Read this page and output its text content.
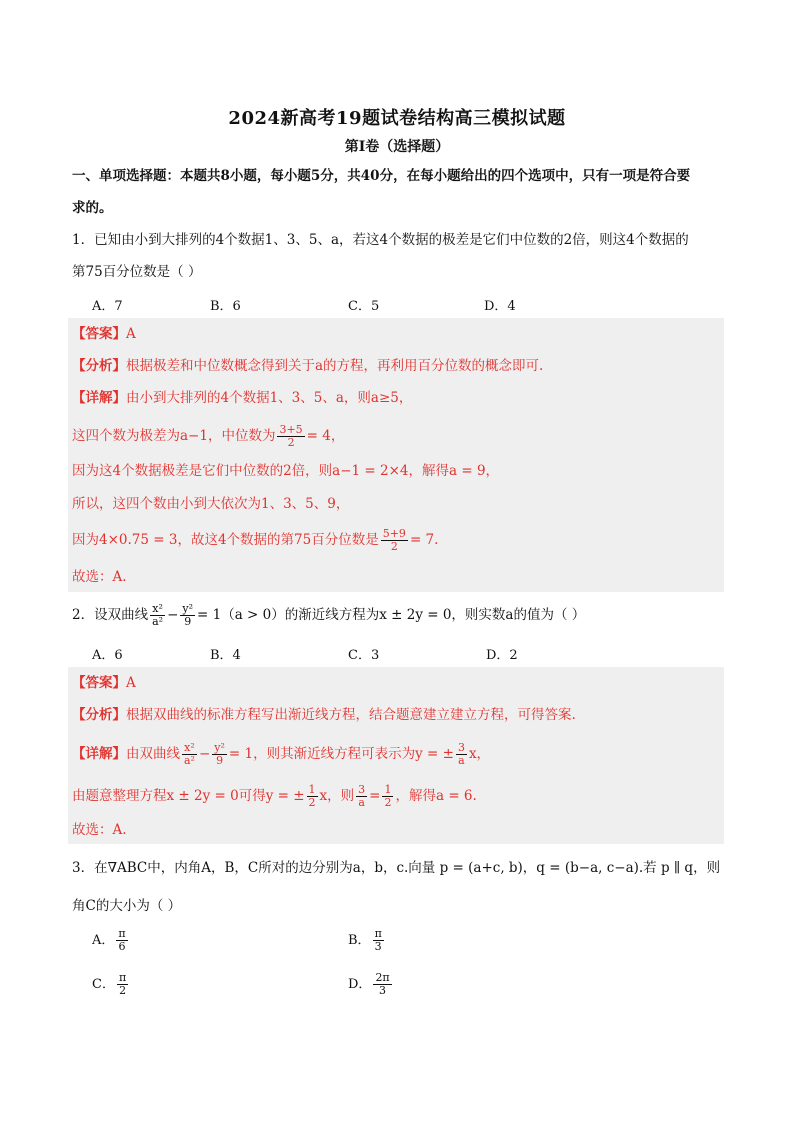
2024新高考19题试卷结构高三模拟试题
第I卷（选择题）
一、单项选择题：本题共8小题，每小题5分，共40分，在每小题给出的四个选项中，只有一项是符合要
求的。
1．已知由小到大排列的4个数据1、3、5、a，若这4个数据的极差是它们中位数的2倍，则这4个数据的
第75百分位数是（ ）
A．7	B．6	C．5	D．4
【答案】A
【分析】根据极差和中位数概念得到关于a的方程，再利用百分位数的概念即可.
【详解】由小到大排列的4个数据1、3、5、a，则a≥5，
这四个数为极差为a−1，中位数为 $\frac{3+5}{2} = 4$，
因为这4个数据极差是它们中位数的2倍，则a−1 = 2×4，解得a = 9，
所以，这四个数由小到大依次为1、3、5、9，
因为4×0.75 = 3，故这4个数据的第75百分位数是 $\frac{5+9}{2} = 7$.
故选：A.
2．设双曲线 $\frac{\text{x²}}{\text{a²}} - \frac{\text{y²}}{9} = 1(a > 0)$的渐近线方程为x ± 2y = 0，则实数a的值为（ ）
A．6	B．4	C．3	D．2
【答案】A
【分析】根据双曲线的标准方程写出渐近线方程，结合题意建立建立方程，可得答案.
【详解】由双曲线 $\frac{\text{x²}}{\text{a²}} - \frac{\text{y²}}{9} = 1$，则其渐近线方程可表示为y = ± $\frac{3}{a}$ x，
由题意整理方程x ± 2y = 0可得y = ± $\frac{1}{2}$ x，则 $\frac{3}{a} = \frac{1}{2}$ ，解得a = 6.
故选：A.
3．在∇ABC中，内角A，B，C所对的边分别为a，b，c.向量 p = (a+c, b)，q = (b−a, c−a).若 p ∥ q，则
角C的大小为（ ）
A． $\frac{\pi}{6}$	B． $\frac{\pi}{3}$
C． $\frac{\pi}{2}$	D． $\frac{2\pi}{3}$
